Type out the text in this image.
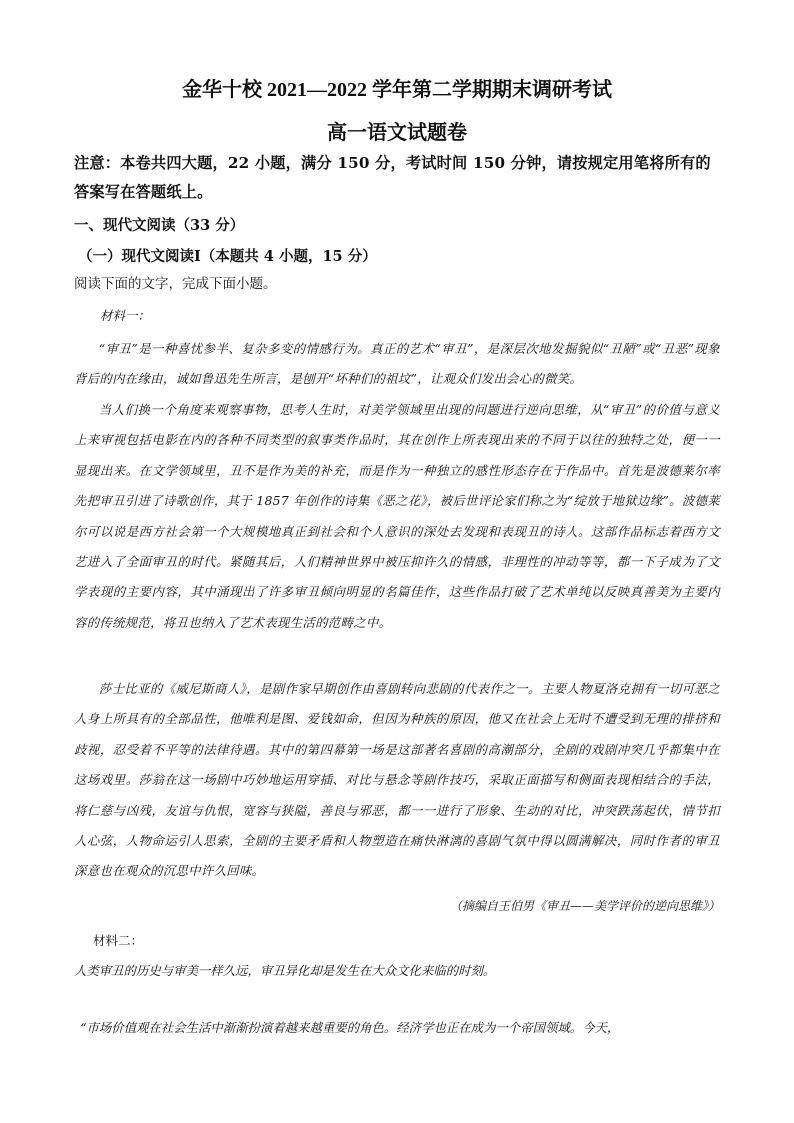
金华十校 2021—2022 学年第二学期期末调研考试
高一语文试题卷
注意：本卷共四大题，22 小题，满分 150 分，考试时间 150 分钟，请按规定用笔将所有的答案写在答题纸上。
一、现代文阅读（33 分）
（一）现代文阅读Ⅰ（本题共 4 小题，15 分）
阅读下面的文字，完成下面小题。
材料一：
“审丑”是一种喜忧参半、复杂多变的情感行为。真正的艺术“审丑”，是深层次地发掘貌似“丑陋”或“丑恶”现象背后的内在缘由，诚如鲁迅先生所言，是刨开“坏种们的祖坟”，让观众们发出会心的微笑。
当人们换一个角度来观察事物，思考人生时，对美学领域里出现的问题进行逆向思维，从“审丑”的价值与意义上来审视包括电影在内的各种不同类型的叙事类作品时，其在创作上所表现出来的不同于以往的独特之处，便一一显现出来。在文学领域里，丑不是作为美的补充，而是作为一种独立的感性形态存在于作品中。首先是波德莱尔率先把审丑引进了诗歌创作，其于 1857 年创作的诗集《恶之花》，被后世评论家们称之为“绽放于地狱边缘”。波德莱尔可以说是西方社会第一个大规模地真正到社会和个人意识的深处去发现和表现丑的诗人。这部作品标志着西方文艺进入了全面审丑的时代。紧随其后，人们精神世界中被压抑许久的情感，非理性的冲动等等，都一下子成为了文学表现的主要内容，其中涌现出了许多审丑倾向明显的名篇佳作，这些作品打破了艺术单纯以反映真善美为主要内容的传统规范，将丑也纳入了艺术表现生活的范畴之中。
莎士比亚的《威尼斯商人》，是剧作家早期创作由喜剧转向悲剧的代表作之一。主要人物夏洛克拥有一切可恶之人身上所具有的全部品性，他唯利是图、爱钱如命，但因为种族的原因，他又在社会上无时不遭受到无理的排挤和歧视，忍受着不平等的法律待遇。其中的第四幕第一场是这部著名喜剧的高潮部分，全剧的戏剧冲突几乎都集中在这场戏里。莎翁在这一场剧中巧妙地运用穿插、对比与悬念等剧作技巧，采取正面描写和侧面表现相结合的手法，将仁慈与凶残，友谊与仇恨，宽容与狭隘，善良与邪恶，都一一进行了形象、生动的对比，冲突跌荡起伏，情节扣人心弦，人物命运引人思索，全剧的主要矛盾和人物塑造在痛快淋漓的喜剧气氛中得以圆满解决，同时作者的审丑深意也在观众的沉思中许久回味。
（摘编自王伯男《审丑——美学评价的逆向思维》）
材料二：
人类审丑的历史与审美一样久远，审丑异化却是发生在大众文化来临的时刻。
“市场价值观在社会生活中渐渐扮演着越来越重要的角色。经济学也正在成为一个帝国领域。今天，
